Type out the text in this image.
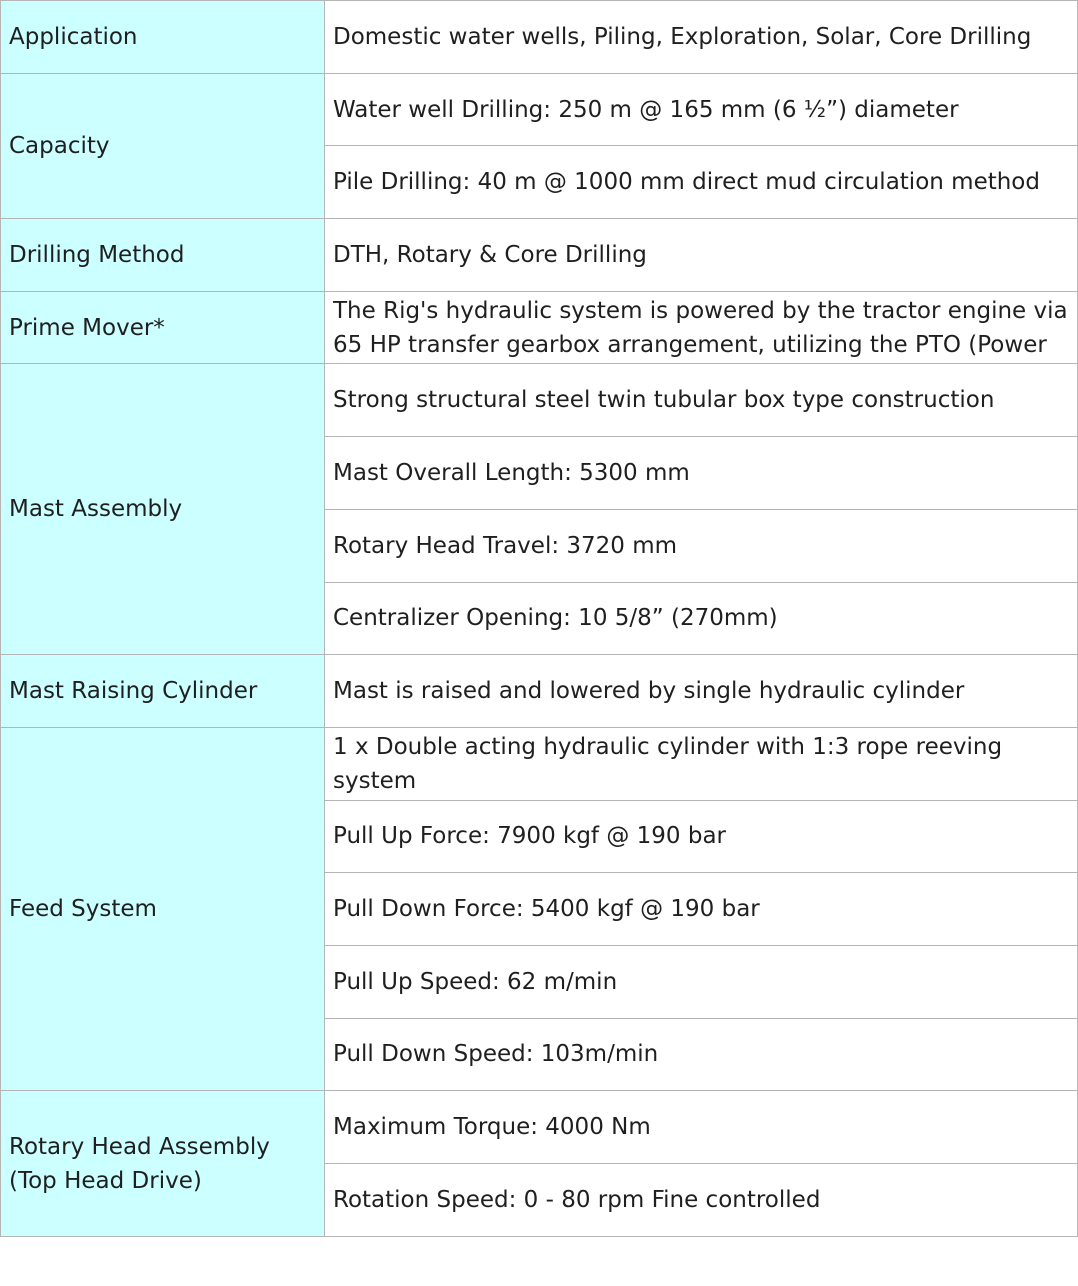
Application	Domestic water wells, Piling, Exploration, Solar, Core Drilling
Capacity	Water well Drilling: 250 m @ 165 mm (6 ½”) diameter
	Pile Drilling: 40 m @ 1000 mm direct mud circulation method
Drilling Method	DTH, Rotary & Core Drilling
Prime Mover*	The Rig's hydraulic system is powered by the tractor engine via 65 HP transfer gearbox arrangement, utilizing the PTO (Power

Mast Assembly	Strong structural steel twin tubular box type construction
	Mast Overall Length: 5300 mm
	Rotary Head Travel: 3720 mm
	Centralizer Opening: 10 5/8” (270mm)
Mast Raising Cylinder	Mast is raised and lowered by single hydraulic cylinder
Feed System	1 x Double acting hydraulic cylinder with 1:3 rope reeving system

	Pull Up Force: 7900 kgf @ 190 bar
	Pull Down Force: 5400 kgf @ 190 bar
	Pull Up Speed: 62 m/min
	Pull Down Speed: 103m/min

Rotary Head Assembly
(Top Head Drive)	Maximum Torque: 4000 Nm
	Rotation Speed: 0 - 80 rpm Fine controlled
